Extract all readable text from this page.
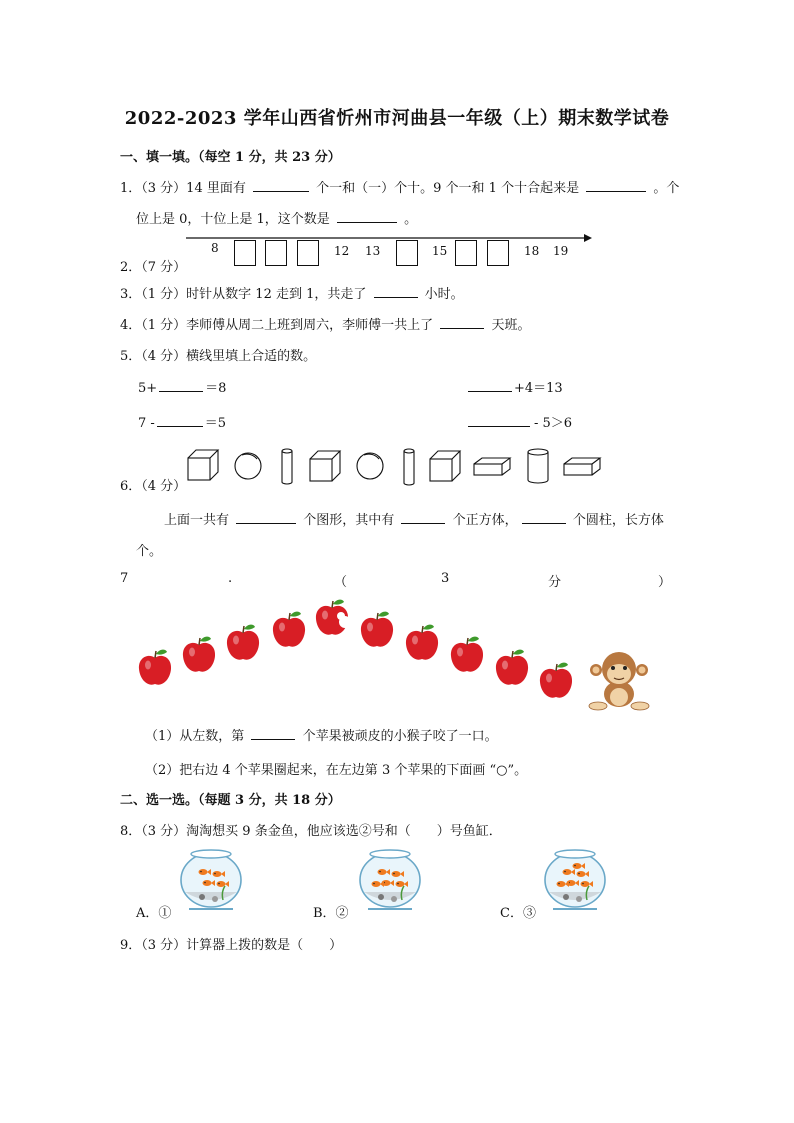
2022-2023 学年山西省忻州市河曲县一年级（上）期末数学试卷
一、填一填。（每空 1 分，共 23 分）
1．（3 分）14 里面有	个一和（一）个十。9 个一和 1 个十合起来是	。个
位上是 0，十位上是 1，这个数是	。
8	12 13	15	18 19
2．（7 分）
3．（1 分）时针从数字 12 走到 1，共走了	小时。
4．（1 分）李师傅从周二上班到周六，李师傅一共上了	天班。
5．（4 分）横线里填上合适的数。
5+	＝8	+4＝13
7 -	＝5	- 5＞6
6．（4 分）
上面一共有	个图形，其中有	个正方体，	个圆柱，长方体
个。
7	.	（	3	分	）
（1）从左数，第	个苹果被顽皮的小猴子咬了一口。
（2）把右边 4 个苹果圈起来，在左边第 3 个苹果的下面画 “○”。
二、选一选。（每题 3 分，共 18 分）
8．（3 分）淘淘想买 9 条金鱼，他应该选②号和（　　）号鱼缸．
A．①	B．②	C．③
9．（3 分）计算器上拨的数是（　　）
